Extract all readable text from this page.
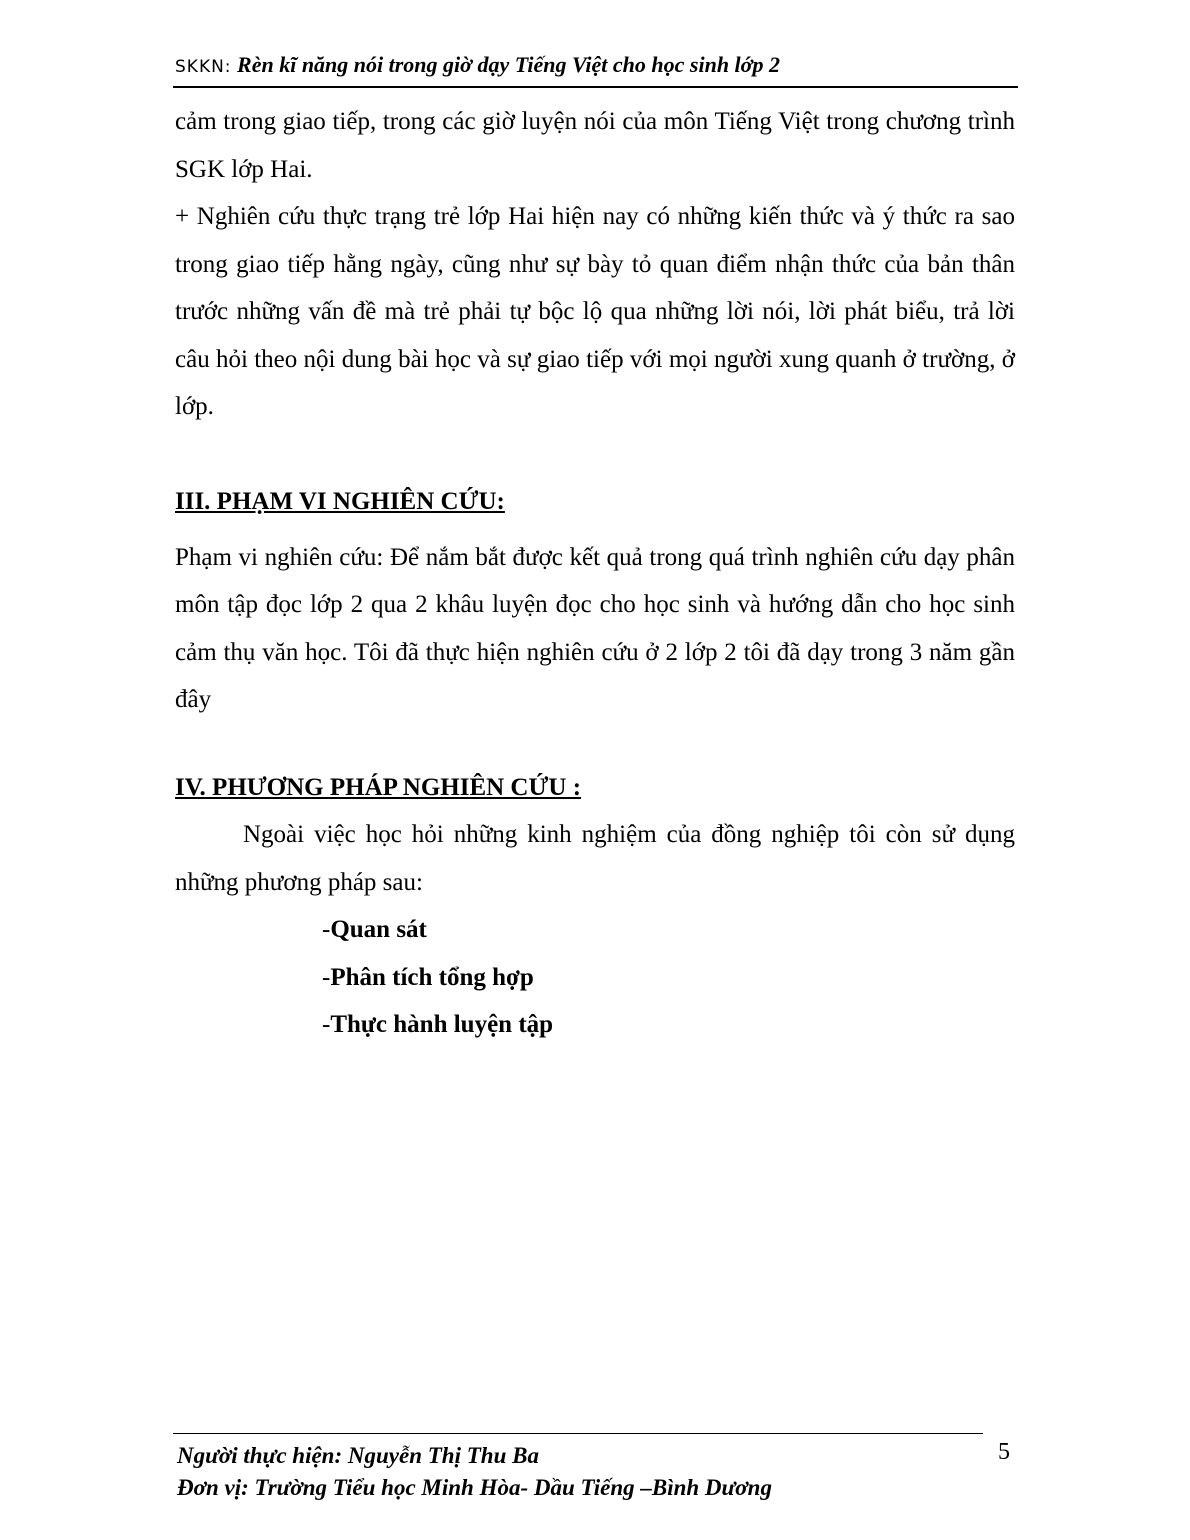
SKKN: Rèn kĩ năng nói trong giờ dạy Tiếng Việt cho học sinh lớp 2

cảm trong giao tiếp, trong các giờ luyện nói của môn Tiếng Việt trong chương trình SGK lớp Hai.

+ Nghiên cứu thực trạng trẻ lớp Hai hiện nay có những kiến thức và ý thức ra sao trong giao tiếp hằng ngày, cũng như sự bày tỏ quan điểm nhận thức của bản thân trước những vấn đề mà trẻ phải tự bộc lộ qua những lời nói, lời phát biểu, trả lời câu hỏi theo nội dung bài học và sự giao tiếp với mọi người xung quanh ở trường, ở lớp.

III. PHẠM VI NGHIÊN CỨU:

Phạm vi nghiên cứu: Để nắm bắt được kết quả trong quá trình nghiên cứu dạy phân môn tập đọc lớp 2 qua 2 khâu luyện đọc cho học sinh và hướng dẫn cho học sinh cảm thụ văn học. Tôi đã thực hiện nghiên cứu ở 2 lớp 2 tôi đã dạy trong 3 năm gần đây

IV. PHƯƠNG PHÁP NGHIÊN CỨU :

Ngoài việc học hỏi những kinh nghiệm của đồng nghiệp tôi còn sử dụng những phương pháp sau:

-Quan sát
-Phân tích tổng hợp
-Thực hành luyện tập
Người thực hiện: Nguyễn Thị Thu Ba
Đơn vị: Trường Tiểu học Minh Hòa- Dầu Tiếng –Bình Dương
5
